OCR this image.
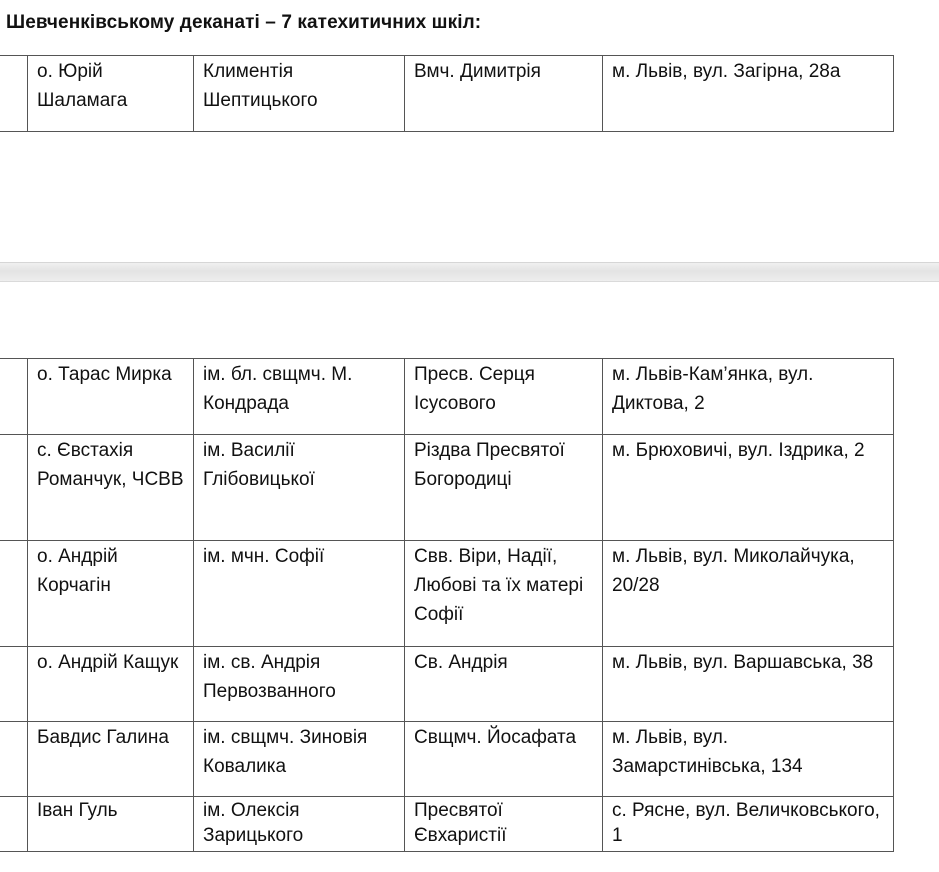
Шевченківському деканаті – 7 катехитичних шкіл:
	о. Юрій Шаламага	Климентія Шептицького	Вмч. Димитрія	м. Львів, вул. Загірна, 28а
	о. Тарас Мирка	ім. бл. свщмч. М. Кондрада	Пресв. Серця Ісусового	м. Львів-Кам’янка, вул. Диктова, 2
	с. Євстахія Романчук, ЧСВВ	ім. Василії Глібовицької	Різдва Пресвятої Богородиці	м. Брюховичі, вул. Іздрика, 2
	о. Андрій Корчагін	ім. мчн. Софії	Свв. Віри, Надії, Любові та їх матері Софії	м. Львів, вул. Миколайчука, 20/28
	о. Андрій Кащук	ім. св. Андрія Первозванного	Св. Андрія	м. Львів, вул. Варшавська, 38
	Бавдис Галина	ім. свщмч. Зиновія Ковалика	Свщмч. Йосафата	м. Львів, вул. Замарстинівська, 134
	Іван Гуль	ім. Олексія Зарицького	Пресвятої Євхаристії	с. Рясне, вул. Величковського, 1
